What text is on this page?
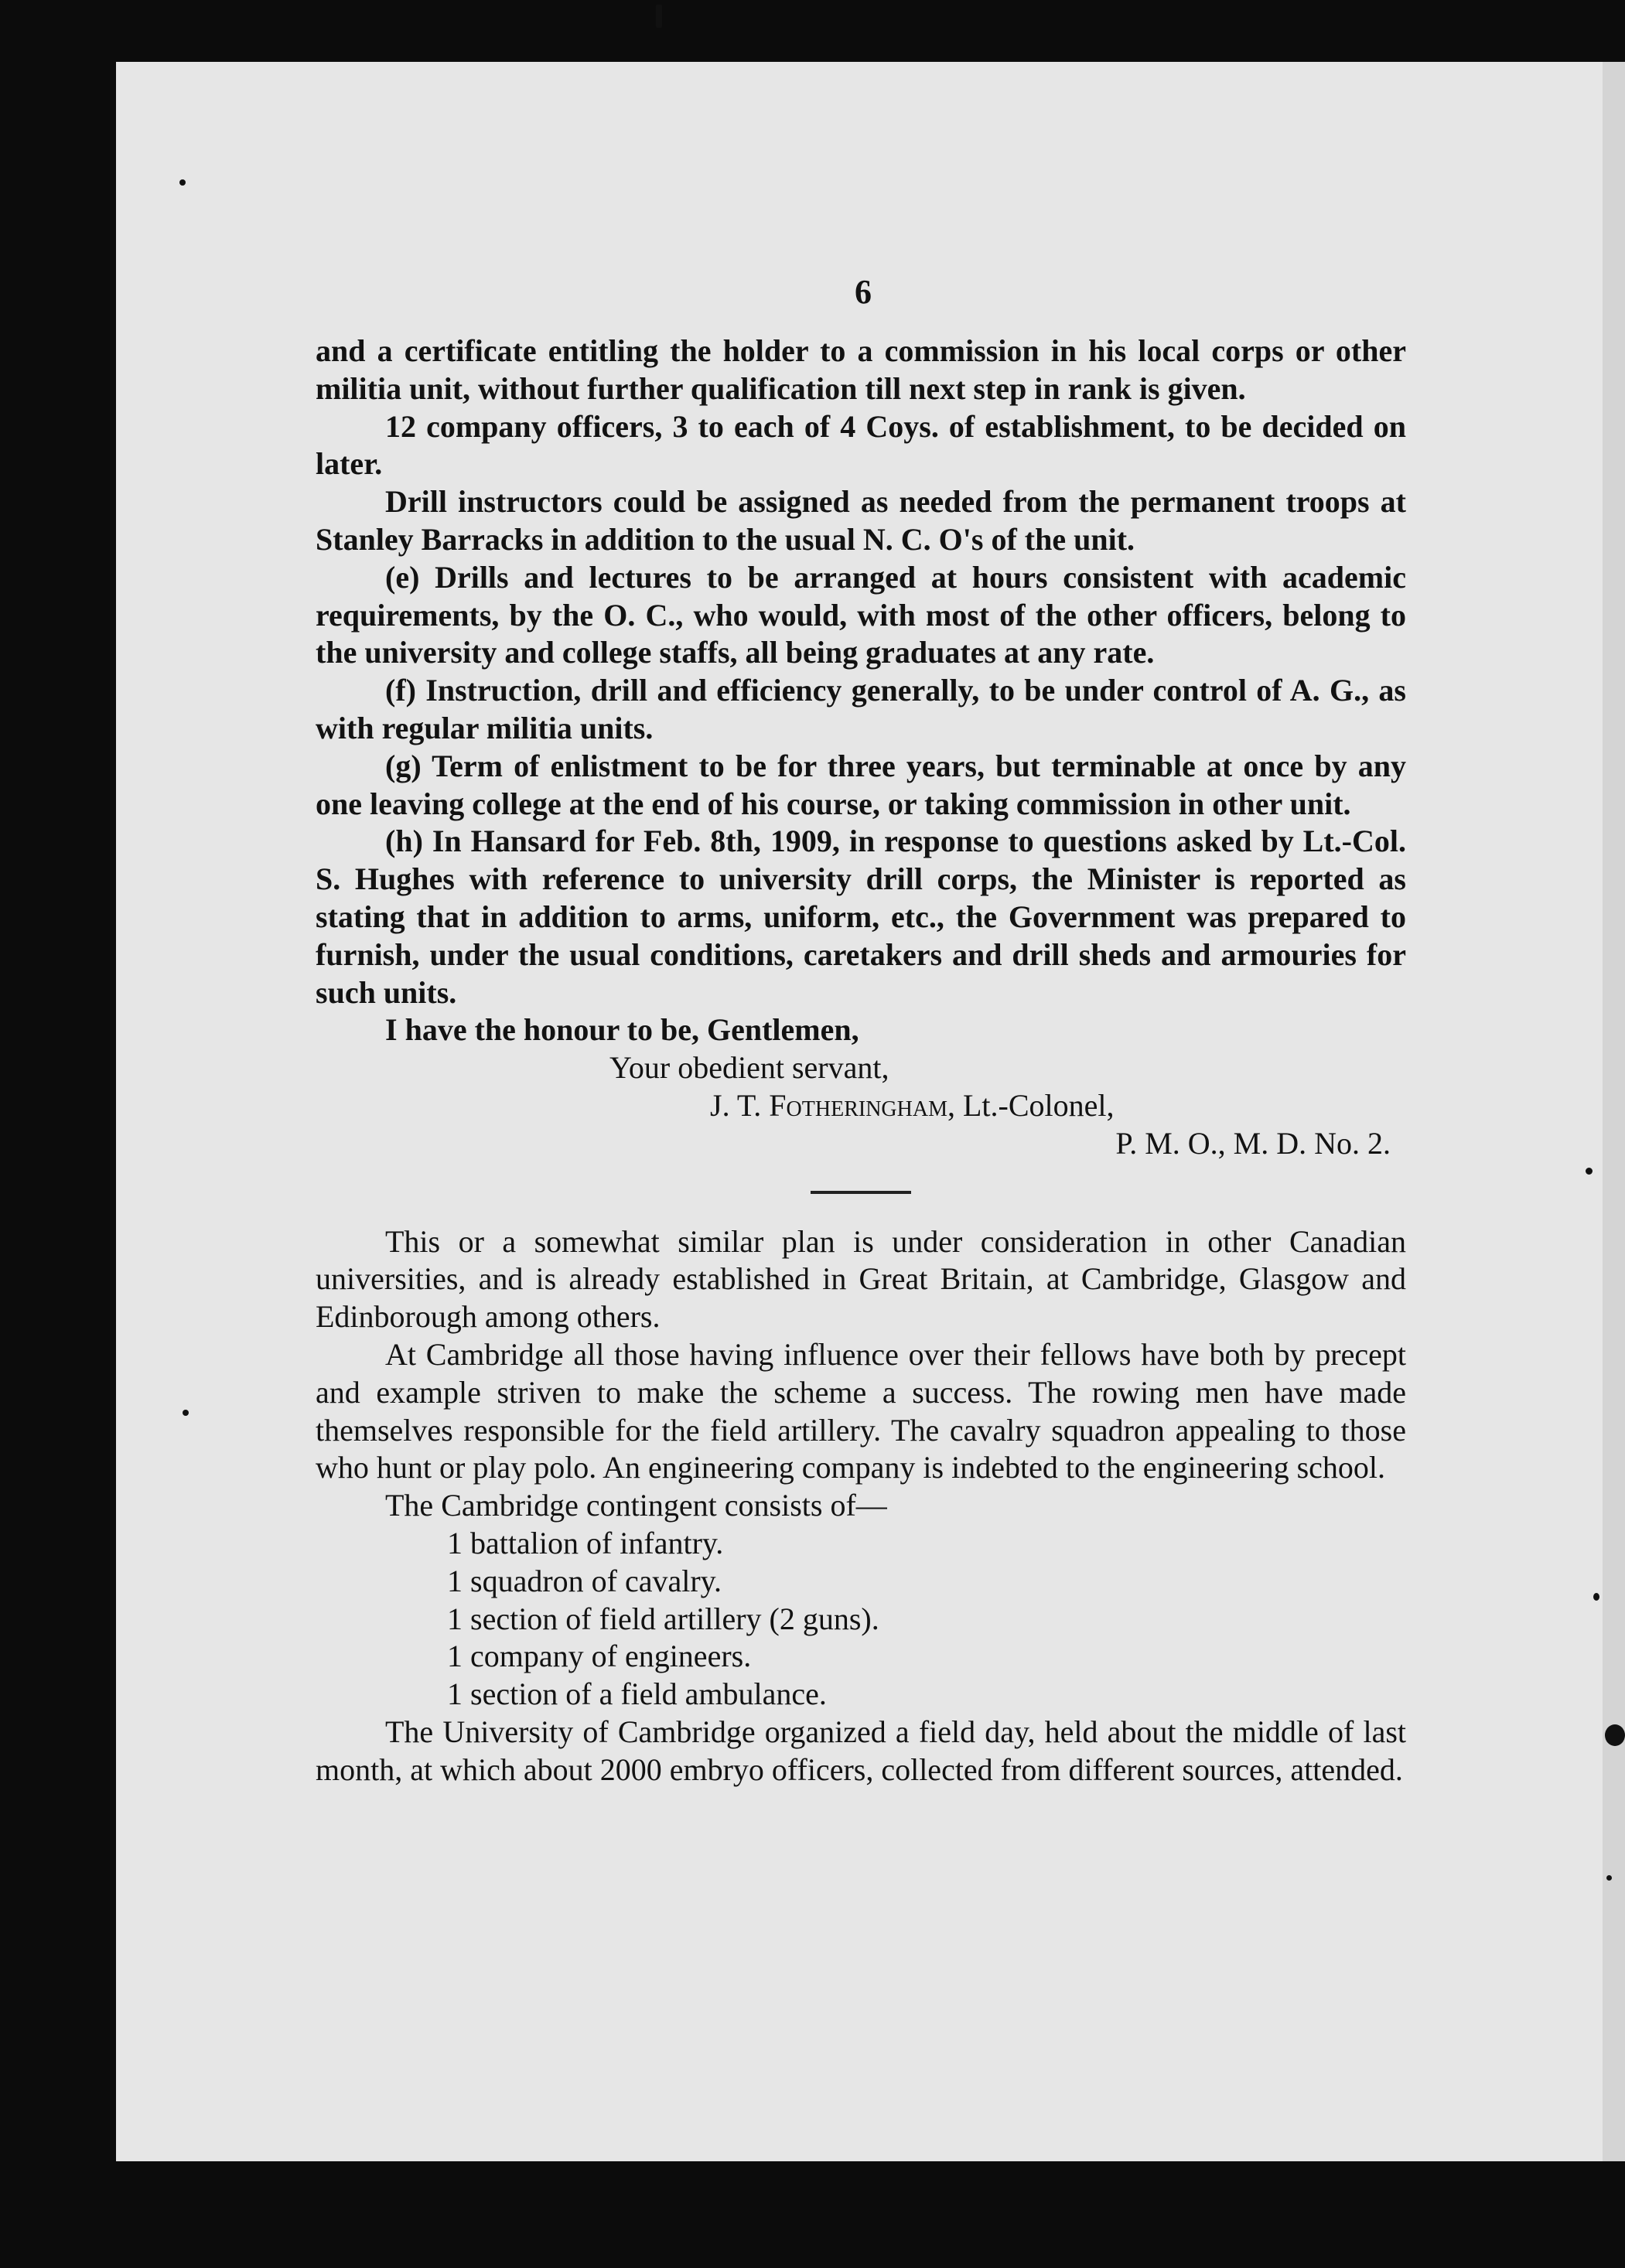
6

and a certificate entitling the holder to a commission in his local corps or other militia unit, without further qualification till next step in rank is given.

12 company officers, 3 to each of 4 Coys. of establishment, to be decided on later.

Drill instructors could be assigned as needed from the permanent troops at Stanley Barracks in addition to the usual N. C. O's of the unit.

(e) Drills and lectures to be arranged at hours consistent with academic requirements, by the O. C., who would, with most of the other officers, belong to the university and college staffs, all being graduates at any rate.

(f) Instruction, drill and efficiency generally, to be under control of A. G., as with regular militia units.

(g) Term of enlistment to be for three years, but terminable at once by any one leaving college at the end of his course, or taking commission in other unit.

(h) In Hansard for Feb. 8th, 1909, in response to questions asked by Lt.-Col. S. Hughes with reference to university drill corps, the Minister is reported as stating that in addition to arms, uniform, etc., the Government was prepared to furnish, under the usual conditions, caretakers and drill sheds and armouries for such units.

I have the honour to be, Gentlemen,

Your obedient servant,

J. T. Fotheringham, Lt.-Colonel,

P. M. O., M. D. No. 2.

This or a somewhat similar plan is under consideration in other Canadian universities, and is already established in Great Britain, at Cambridge, Glasgow and Edinborough among others.

At Cambridge all those having influence over their fellows have both by precept and example striven to make the scheme a success. The rowing men have made themselves responsible for the field artillery. The cavalry squadron appealing to those who hunt or play polo. An engineering company is indebted to the engineering school.

The Cambridge contingent consists of—

1 battalion of infantry.

1 squadron of cavalry.

1 section of field artillery (2 guns).

1 company of engineers.

1 section of a field ambulance.

The University of Cambridge organized a field day, held about the middle of last month, at which about 2000 embryo officers, collected from different sources, attended.
